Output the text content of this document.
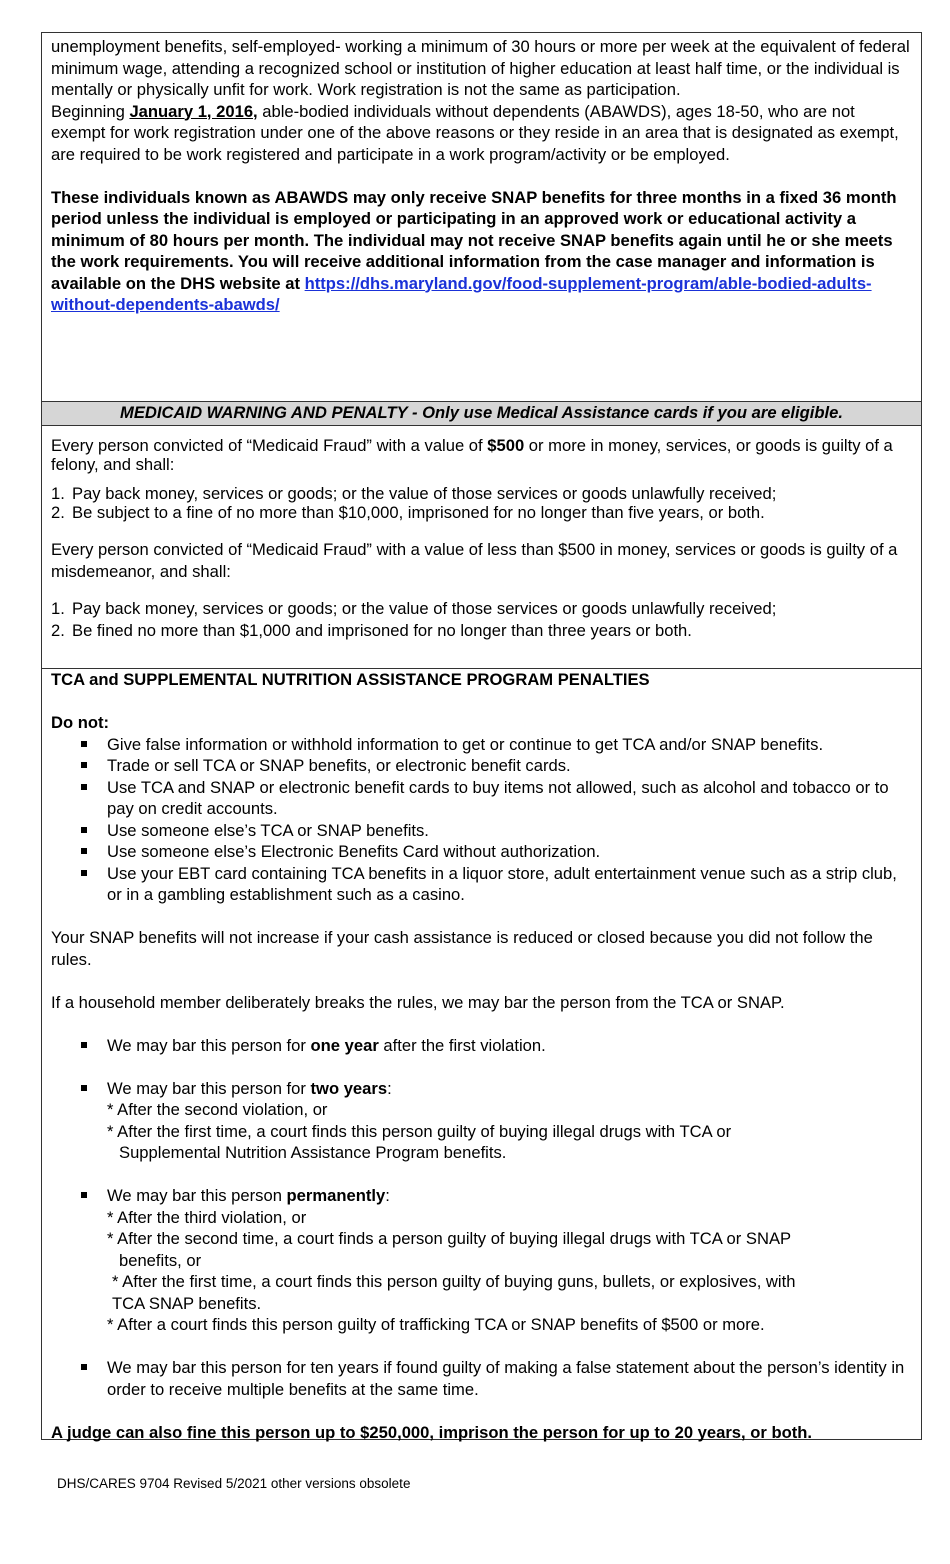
unemployment benefits, self-employed- working a minimum of 30 hours or more per week at the equivalent of federal minimum wage, attending a recognized school or institution of higher education at least half time, or the individual is mentally or physically unfit for work. Work registration is not the same as participation.

Beginning January 1, 2016, able-bodied individuals without dependents (ABAWDS), ages 18-50, who are not exempt for work registration under one of the above reasons or they reside in an area that is designated as exempt, are required to be work registered and participate in a work program/activity or be employed.

These individuals known as ABAWDS may only receive SNAP benefits for three months in a fixed 36 month period unless the individual is employed or participating in an approved work or educational activity a minimum of 80 hours per month. The individual may not receive SNAP benefits again until he or she meets the work requirements. You will receive additional information from the case manager and information is available on the DHS website at https://dhs.maryland.gov/food-supplement-program/able-bodied-adults-without-dependents-abawds/

MEDICAID WARNING AND PENALTY - Only use Medical Assistance cards if you are eligible.

Every person convicted of “Medicaid Fraud” with a value of $500 or more in money, services, or goods is guilty of a felony, and shall:

1. Pay back money, services or goods; or the value of those services or goods unlawfully received;
2. Be subject to a fine of no more than $10,000, imprisoned for no longer than five years, or both.

Every person convicted of “Medicaid Fraud” with a value of less than $500 in money, services or goods is guilty of a misdemeanor, and shall:

1. Pay back money, services or goods; or the value of those services or goods unlawfully received;
2. Be fined no more than $1,000 and imprisoned for no longer than three years or both.

TCA and SUPPLEMENTAL NUTRITION ASSISTANCE PROGRAM PENALTIES

Do not:

Give false information or withhold information to get or continue to get TCA and/or SNAP benefits.
Trade or sell TCA or SNAP benefits, or electronic benefit cards.
Use TCA and SNAP or electronic benefit cards to buy items not allowed, such as alcohol and tobacco or to pay on credit accounts.
Use someone else’s TCA or SNAP benefits.
Use someone else’s Electronic Benefits Card without authorization.
Use your EBT card containing TCA benefits in a liquor store, adult entertainment venue such as a strip club, or in a gambling establishment such as a casino.

Your SNAP benefits will not increase if your cash assistance is reduced or closed because you did not follow the rules.

If a household member deliberately breaks the rules, we may bar the person from the TCA or SNAP.

We may bar this person for one year after the first violation.
We may bar this person for two years:

* After the second violation, or

* After the first time, a court finds this person guilty of buying illegal drugs with TCA or

Supplemental Nutrition Assistance Program benefits.

We may bar this person permanently:

* After the third violation, or

* After the second time, a court finds a person guilty of buying illegal drugs with TCA or SNAP

benefits, or

* After the first time, a court finds this person guilty of buying guns, bullets, or explosives, with

TCA SNAP benefits.

* After a court finds this person guilty of trafficking TCA or SNAP benefits of $500 or more.

We may bar this person for ten years if found guilty of making a false statement about the person’s identity in order to receive multiple benefits at the same time.

A judge can also fine this person up to $250,000, imprison the person for up to 20 years, or both.

DHS/CARES 9704 Revised 5/2021 other versions obsolete
